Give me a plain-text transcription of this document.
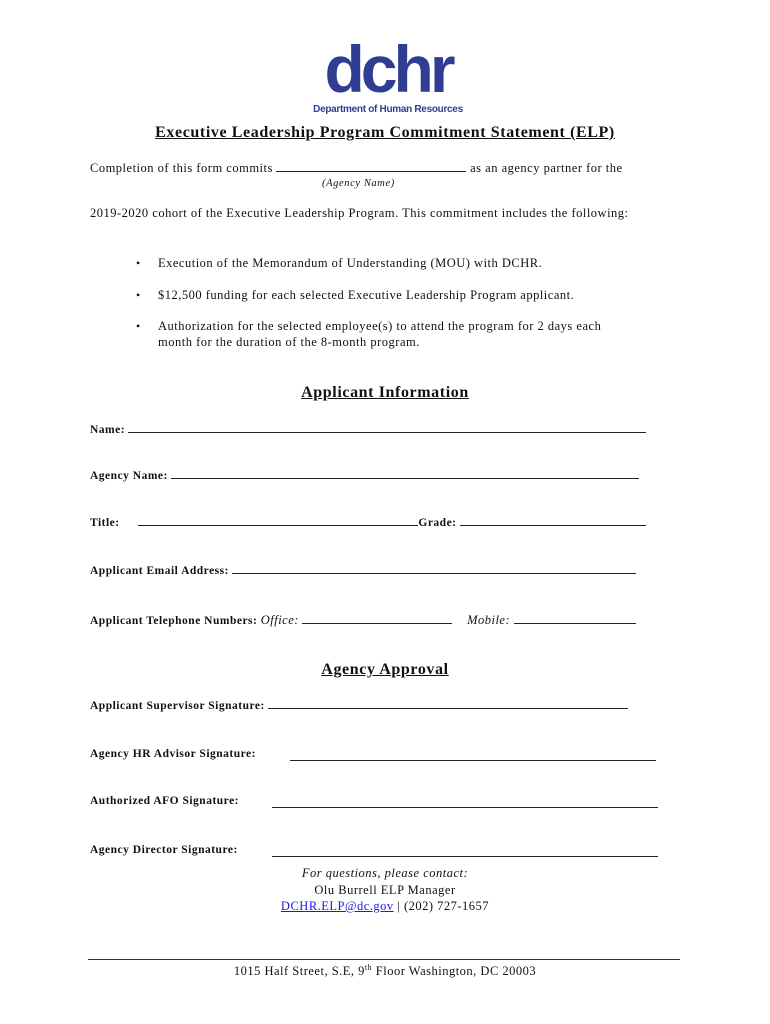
dchr
Department of Human Resources
Executive Leadership Program Commitment Statement (ELP)
Completion of this form commits	as an agency partner for the
(Agency Name)
2019-2020 cohort of the Executive Leadership Program. This commitment includes the following:
• Execution of the Memorandum of Understanding (MOU) with DCHR.
• $12,500 funding for each selected Executive Leadership Program applicant.
• Authorization for the selected employee(s) to attend the program for 2 days each
month for the duration of the 8-month program.
Applicant Information
Name:
Agency Name:
Title:	Grade:
Applicant Email Address:
Applicant Telephone Numbers: Office:	Mobile:
Agency Approval
Applicant Supervisor Signature:
Agency HR Advisor Signature:
Authorized AFO Signature:
Agency Director Signature:
For questions, please contact:
Olu Burrell ELP Manager
DCHR.ELP@dc.gov | (202) 727-1657
1015 Half Street, S.E, 9th Floor Washington, DC 20003
